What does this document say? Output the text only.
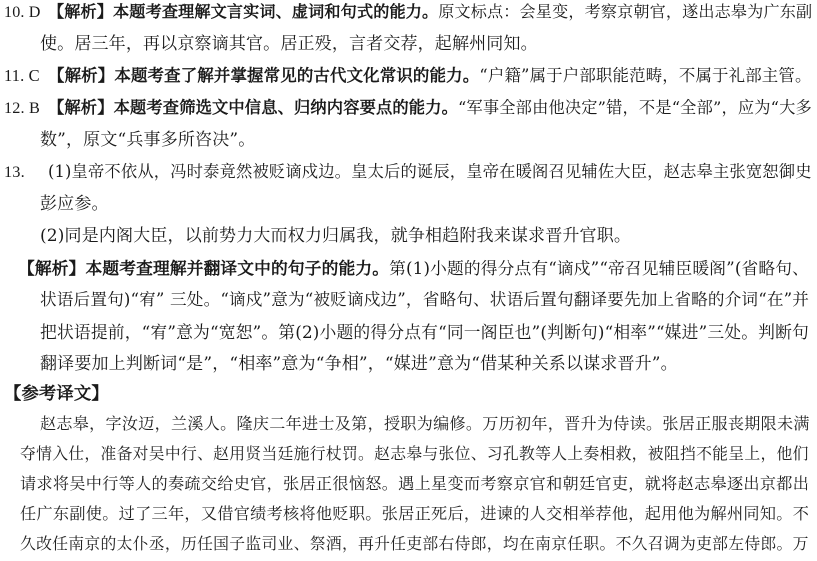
10. D 【解析】本题考查理解文言实词、虚词和句式的能力。原文标点：会星变，考察京朝官，遂出志皋为广东副
使。居三年，再以京察谪其官。居正殁，言者交荐，起解州同知。
11. C 【解析】本题考查了解并掌握常见的古代文化常识的能力。“户籍”属于户部职能范畴，不属于礼部主管。
12. B 【解析】本题考查筛选文中信息、归纳内容要点的能力。“军事全部由他决定”错，不是“全部”，应为“大多
数”，原文“兵事多所咨决”。
13. (1)皇帝不依从，冯时泰竟然被贬谪戍边。皇太后的诞辰，皇帝在暖阁召见辅佐大臣，赵志皋主张宽恕御史
彭应参。
(2)同是内阁大臣，以前势力大而权力归属我，就争相趋附我来谋求晋升官职。
【解析】本题考查理解并翻译文中的句子的能力。第(1)小题的得分点有“谪戍”“帝召见辅臣暖阁”(省略句、
状语后置句)“宥” 三处。“谪戍”意为“被贬谪戍边”，省略句、状语后置句翻译要先加上省略的介词“在”并
把状语提前，“宥”意为“宽恕”。第(2)小题的得分点有“同一阁臣也”(判断句)“相率”“媒进”三处。判断句
翻译要加上判断词“是”，“相率”意为“争相”，“媒进”意为“借某种关系以谋求晋升”。
【参考译文】
赵志皋，字汝迈，兰溪人。隆庆二年进士及第，授职为编修。万历初年，晋升为侍读。张居正服丧期限未满
夺情入仕，准备对吴中行、赵用贤当廷施行杖罚。赵志皋与张位、习孔教等人上奏相救，被阻挡不能呈上，他们
请求将吴中行等人的奏疏交给史官，张居正很恼怒。遇上星变而考察京官和朝廷官吏，就将赵志皋逐出京都出
任广东副使。过了三年，又借官绩考核将他贬职。张居正死后，进谏的人交相举荐他，起用他为解州同知。不
久改任南京的太仆丞，历任国子监司业、祭酒，再升任吏部右侍郎，均在南京任职。不久召调为吏部左侍郎。万
